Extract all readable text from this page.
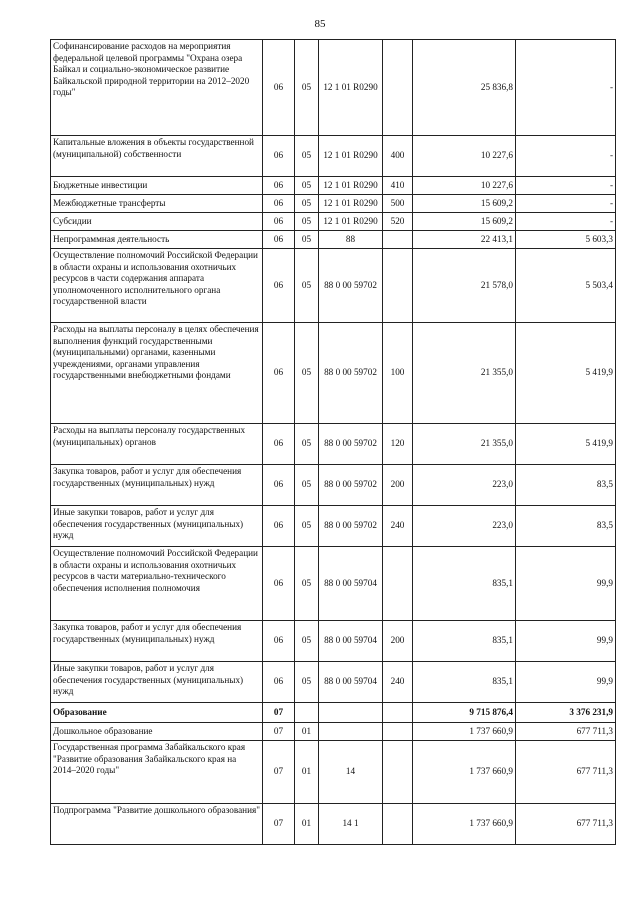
85
Софинансирование расходов на мероприятия федеральной целевой программы "Охрана озера Байкал и социально-экономическое развитие Байкальской природной территории на 2012–2020 годы"	06	05	12 1 01 R0290		25 836,8	-
Капитальные вложения в объекты государственной (муниципальной) собственности	06	05	12 1 01 R0290	400	10 227,6	-
Бюджетные инвестиции	06	05	12 1 01 R0290	410	10 227,6	-
Межбюджетные трансферты	06	05	12 1 01 R0290	500	15 609,2	-
Субсидии	06	05	12 1 01 R0290	520	15 609,2	-
Непрограммная деятельность	06	05	88		22 413,1	5 603,3
Осуществление полномочий Российской Федерации в области охраны и использования охотничьих ресурсов в части содержания аппарата уполномоченного исполнительного органа государственной власти	06	05	88 0 00 59702		21 578,0	5 503,4
Расходы на выплаты персоналу в целях обеспечения выполнения функций государственными (муниципальными) органами, казенными учреждениями, органами управления государственными внебюджетными фондами	06	05	88 0 00 59702	100	21 355,0	5 419,9
Расходы на выплаты персоналу государственных (муниципальных) органов	06	05	88 0 00 59702	120	21 355,0	5 419,9
Закупка товаров, работ и услуг для обеспечения государственных (муниципальных) нужд	06	05	88 0 00 59702	200	223,0	83,5
Иные закупки товаров, работ и услуг для обеспечения государственных (муниципальных) нужд	06	05	88 0 00 59702	240	223,0	83,5
Осуществление полномочий Российской Федерации в области охраны и использования охотничьих ресурсов в части материально-технического обеспечения исполнения полномочия	06	05	88 0 00 59704		835,1	99,9
Закупка товаров, работ и услуг для обеспечения государственных (муниципальных) нужд	06	05	88 0 00 59704	200	835,1	99,9
Иные закупки товаров, работ и услуг для обеспечения государственных (муниципальных) нужд	06	05	88 0 00 59704	240	835,1	99,9
Образование	07				9 715 876,4	3 376 231,9
Дошкольное образование	07	01			1 737 660,9	677 711,3
Государственная программа Забайкальского края "Развитие образования Забайкальского края на 2014–2020 годы"	07	01	14		1 737 660,9	677 711,3
Подпрограмма "Развитие дошкольного образования"	07	01	14 1		1 737 660,9	677 711,3
